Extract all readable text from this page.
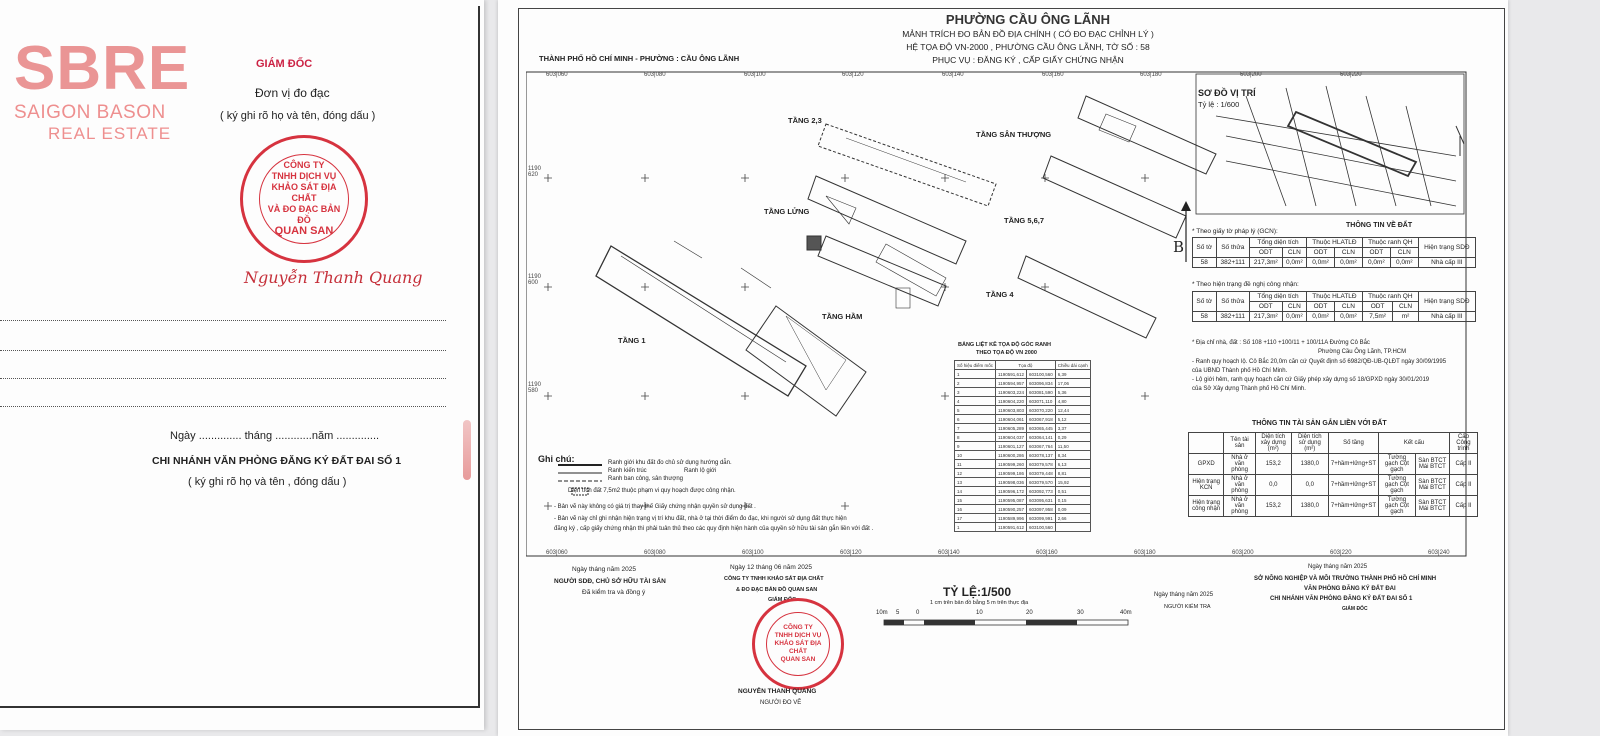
SBRE
SAIGON BASON
REAL ESTATE
GIÁM ĐỐC
Đơn vị đo đạc
( ký ghi rõ họ và tên, đóng dấu )
CÔNG TY
TNHH DỊCH VỤ
KHẢO SÁT ĐỊA CHẤT
VÀ ĐO ĐẠC BẢN ĐỒ
QUAN SAN
Nguyễn Thanh Quang
Ngày .............. tháng ............năm ..............
CHI NHÁNH VĂN PHÒNG ĐĂNG KÝ ĐẤT ĐAI SỐ 1
( ký ghi rõ họ và tên , đóng dấu )
PHƯỜNG CẦU ÔNG LÃNH
MẢNH TRÍCH ĐO BẢN ĐỒ ĐỊA CHÍNH ( CÓ ĐO ĐẠC CHỈNH LÝ )
HỆ TỌA ĐỘ VN-2000 , PHƯỜNG CẦU ÔNG LÃNH, TỜ SỐ : 58
PHỤC VỤ : ĐĂNG KÝ , CẤP GIẤY CHỨNG NHẬN
THÀNH PHỐ HỒ CHÍ MINH - PHƯỜNG : CẦU ÔNG LÃNH
603|060	603|080	603|100	603|120	603|140	603|160	603|180	603|200	603|220
1190
620
1190
600
1190
580
TẦNG 2,3
TẦNG SÂN THƯỢNG
TẦNG LỬNG
TẦNG 5,6,7
TẦNG 4
TẦNG HẦM
TẦNG 1
B
SƠ ĐỒ VỊ TRÍ
Tỷ lệ : 1/600
THÔNG TIN VỀ ĐẤT
* Theo giấy tờ pháp lý (GCN):
Số tờ	Số thửa	Tổng diện tích		Thuộc HLATLĐ		Thuộc ranh QH		Hiện trạng SDĐ
		ODT	CLN	ODT	CLN	ODT	CLN	
58	382+111	217,3m²	0,0m²	0,0m²	0,0m²	0,0m²	0,0m²	Nhà cấp III
* Theo hiện trạng đề nghị công nhận:
Số tờ	Số thửa	Tổng diện tích		Thuộc HLATLĐ		Thuộc ranh QH		Hiện trạng SDĐ
		ODT	CLN	ODT	CLN	ODT	CLN	
58	382+111	217,3m²	0,0m²	0,0m²	0,0m²	7,5m²	m²	Nhà cấp III
* Địa chỉ nhà, đất : Số 108 +110 +100/11 + 100/11A Đường Cô Bắc
Phường Cầu Ông Lãnh, TP.HCM
- Ranh quy hoạch lộ. Cô Bắc 20,0m căn cứ Quyết định số 6982/QĐ-UB-QLĐT ngày 30/09/1995
của UBND Thành phố Hồ Chí Minh.
- Lộ giới hẻm, ranh quy hoạch căn cứ Giấy phép xây dựng số 18/GPXD ngày 30/01/2019
của Sở Xây dựng Thành phố Hồ Chí Minh.
BẢNG LIỆT KÊ TỌA ĐỘ GÓC RANH
THEO TỌA ĐỘ VN 2000
Số hiệu điểm mốc	Tọa độ		Chiều dài cạnh
1	1190591,612	603100,560	6,39
2	1190594,957	603096,834	17,06
3	1190603,224	603081,590	5,36
4	1190604,220	603071,110	4,80
5	1190603,803	603070,220	12,44
6	1190604,061	603067,918	5,12
7	1190605,289	603065,445	3,37
8	1190604,037	603064,141	0,29
9	1190601,127	603067,764	11,50
10	1190600,286	603078,137	8,34
11	1190599,260	603079,578	6,13
12	1190599,186	603079,448	8,81
13	1190598,036	603079,570	15,92
14	1190596,172	603092,773	0,51
15	1190595,087	603095,631	0,15
16	1190590,257	603097,958	0,09
17	1190589,996	603099,991	2,66
1	1190591,612	603100,560	
Ghi chú:	Ranh giới khu đất đo chủ sử dụng hướng dẫn.
Ranh kiến trúc	Ranh lộ giới
Ranh ban công, sân thượng
Diện tích đất 7,5m2 thuộc phạm vi quy hoạch được công nhận.
- Bản vẽ này không có giá trị thay thế Giấy chứng nhận quyền sử dụng đất .
- Bản vẽ này chỉ ghi nhận hiện trạng vị trí khu đất, nhà ở tại thời điểm đo đạc, khi người sử dụng đất thực hiện
đăng ký , cấp giấy chứng nhận thì phải tuân thủ theo các quy định hiện hành của quyền sở hữu tài sản gắn liền với đất .
THÔNG TIN TÀI SẢN GẮN LIỀN VỚI ĐẤT
	Tên tài sản	Diện tích xây dựng (m²)	Diện tích sử dụng (m²)	Số tầng	Kết cấu		Cấp Công trình
GPXD	Nhà ở văn phòng	153,2	1380,0	7+hầm+lửng+ST	Tường gạch Cột gạch	Sàn BTCT Mái BTCT	Cấp II
Hiện trạng KCN	Nhà ở văn phòng	0,0	0,0	7+hầm+lửng+ST	Tường gạch Cột gạch	Sàn BTCT Mái BTCT	Cấp II
Hiện trạng công nhận	Nhà ở văn phòng	153,2	1380,0	7+hầm+lửng+ST	Tường gạch Cột gạch	Sàn BTCT Mái BTCT	Cấp II
Ngày tháng năm 2025
NGƯỜI SDĐ, CHỦ SỞ HỮU TÀI SẢN
Đã kiểm tra và đồng ý
Ngày 12 tháng 06 năm 2025
CÔNG TY TNHH KHẢO SÁT ĐỊA CHẤT
& ĐO ĐẠC BẢN ĐỒ QUAN SAN
GIÁM ĐỐC
CÔNG TY
TNHH DỊCH VỤ
KHẢO SÁT ĐỊA CHẤT
QUAN SAN
NGUYỄN THANH QUANG
NGƯỜI ĐO VẼ
TỶ LỆ:1/500
1 cm trên bản đồ bằng 5 m trên thực địa
Ngày tháng năm 2025
NGƯỜI KIỂM TRA
Ngày tháng năm 2025
SỞ NÔNG NGHIỆP VÀ MÔI TRƯỜNG THÀNH PHỐ HỒ CHÍ MINH
VĂN PHÒNG ĐĂNG KÝ ĐẤT ĐAI
CHI NHÁNH VĂN PHÒNG ĐĂNG KÝ ĐẤT ĐAI SỐ 1
GIÁM ĐỐC
603|060	603|080	603|100	603|120	603|140	603|160	603|180	603|200	603|220	603|240
10m 5	0	10	20	30	40m
